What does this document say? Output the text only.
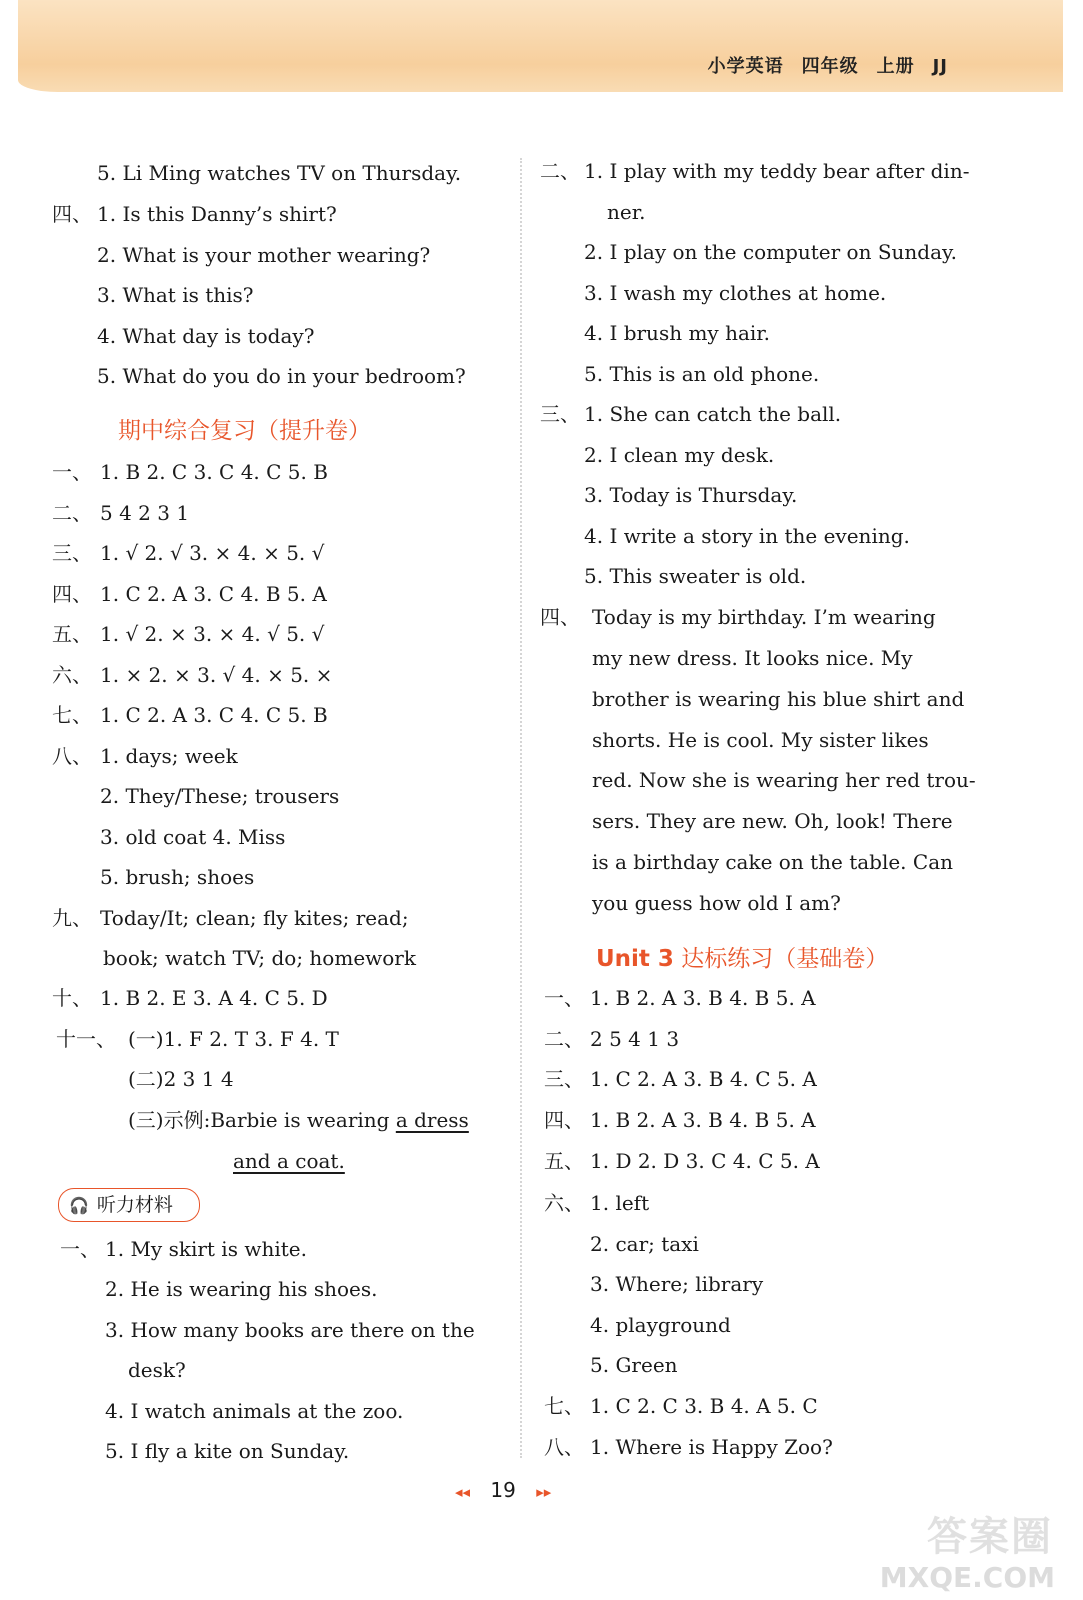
小学英语 四年级 上册 JJ
5. Li Ming watches TV on Thursday.
四、 1. Is this Danny’s shirt?
2. What is your mother wearing?
3. What is this?
4. What day is today?
5. What do you do in your bedroom?
期中综合复习（提升卷）
一、 1. B 2. C 3. C 4. C 5. B
二、 5 4 2 3 1
三、 1. √ 2. √ 3. × 4. × 5. √
四、 1. C 2. A 3. C 4. B 5. A
五、 1. √ 2. × 3. × 4. √ 5. √
六、 1. × 2. × 3. √ 4. × 5. ×
七、 1. C 2. A 3. C 4. C 5. B
八、 1. days; week
2. They/These; trousers
3. old coat 4. Miss
5. brush; shoes
九、 Today/It; clean; fly kites; read;
book; watch TV; do; homework
十、 1. B 2. E 3. A 4. C 5. D
十一、 (一)1. F 2. T 3. F 4. T
(二)2 3 1 4
(三)示例:Barbie is wearing a dress
and a coat.
🎧 听力材料
一、 1. My skirt is white.
2. He is wearing his shoes.
3. How many books are there on the
desk?
4. I watch animals at the zoo.
5. I fly a kite on Sunday.
二、 1. I play with my teddy bear after din-
ner.
2. I play on the computer on Sunday.
3. I wash my clothes at home.
4. I brush my hair.
5. This is an old phone.
三、 1. She can catch the ball.
2. I clean my desk.
3. Today is Thursday.
4. I write a story in the evening.
5. This sweater is old.
四、 Today is my birthday. I’m wearing
my new dress. It looks nice. My
brother is wearing his blue shirt and
shorts. He is cool. My sister likes
red. Now she is wearing her red trou-
sers. They are new. Oh, look! There
is a birthday cake on the table. Can
you guess how old I am?
Unit 3 达标练习（基础卷）
一、 1. B 2. A 3. B 4. B 5. A
二、 2 5 4 1 3
三、 1. C 2. A 3. B 4. C 5. A
四、 1. B 2. A 3. B 4. B 5. A
五、 1. D 2. D 3. C 4. C 5. A
六、 1. left
2. car; taxi
3. Where; library
4. playground
5. Green
七、 1. C 2. C 3. B 4. A 5. C
八、 1. Where is Happy Zoo?
◂◂ 19 ▸▸
答案圈
MXQE.COM
